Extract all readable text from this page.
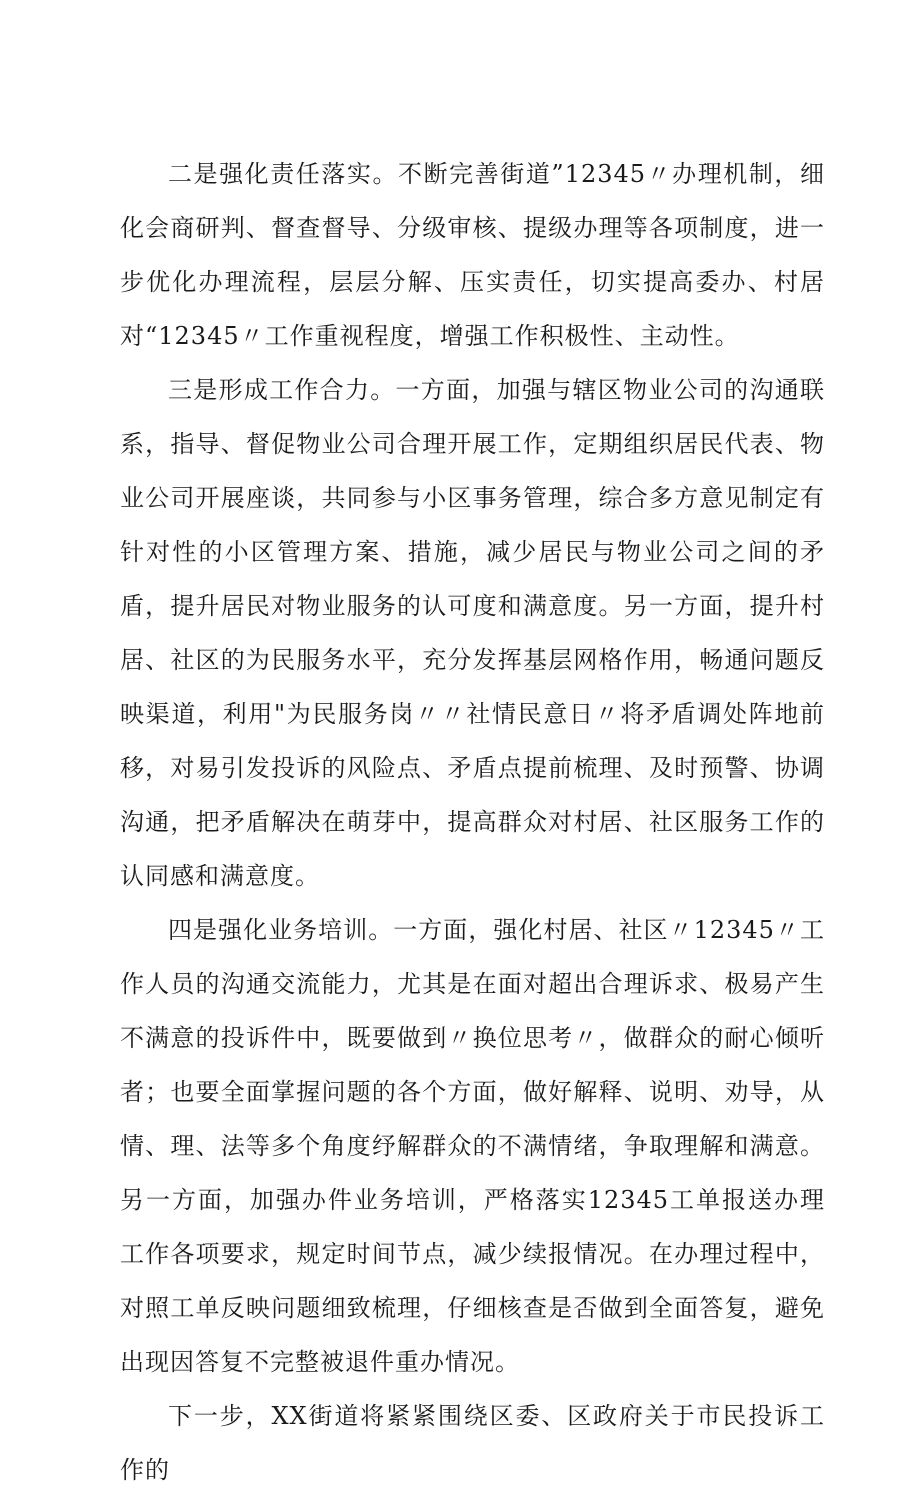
二是强化责任落实。不断完善街道”12345〃办理机制，细化会商研判、督查督导、分级审核、提级办理等各项制度，进一步优化办理流程，层层分解、压实责任，切实提高委办、村居对“12345〃工作重视程度，增强工作积极性、主动性。

三是形成工作合力。一方面，加强与辖区物业公司的沟通联系，指导、督促物业公司合理开展工作，定期组织居民代表、物业公司开展座谈，共同参与小区事务管理，综合多方意见制定有针对性的小区管理方案、措施，减少居民与物业公司之间的矛盾，提升居民对物业服务的认可度和满意度。另一方面，提升村居、社区的为民服务水平，充分发挥基层网格作用，畅通问题反映渠道，利用"为民服务岗〃〃社情民意日〃将矛盾调处阵地前移，对易引发投诉的风险点、矛盾点提前梳理、及时预警、协调沟通，把矛盾解决在萌芽中，提高群众对村居、社区服务工作的认同感和满意度。

四是强化业务培训。一方面，强化村居、社区〃12345〃工作人员的沟通交流能力，尤其是在面对超出合理诉求、极易产生不满意的投诉件中，既要做到〃换位思考〃，做群众的耐心倾听者；也要全面掌握问题的各个方面，做好解释、说明、劝导，从情、理、法等多个角度纾解群众的不满情绪，争取理解和满意。另一方面，加强办件业务培训，严格落实12345工单报送办理工作各项要求，规定时间节点，减少续报情况。在办理过程中，对照工单反映问题细致梳理，仔细核查是否做到全面答复，避免出现因答复不完整被退件重办情况。

下一步，XX街道将紧紧围绕区委、区政府关于市民投诉工作的
